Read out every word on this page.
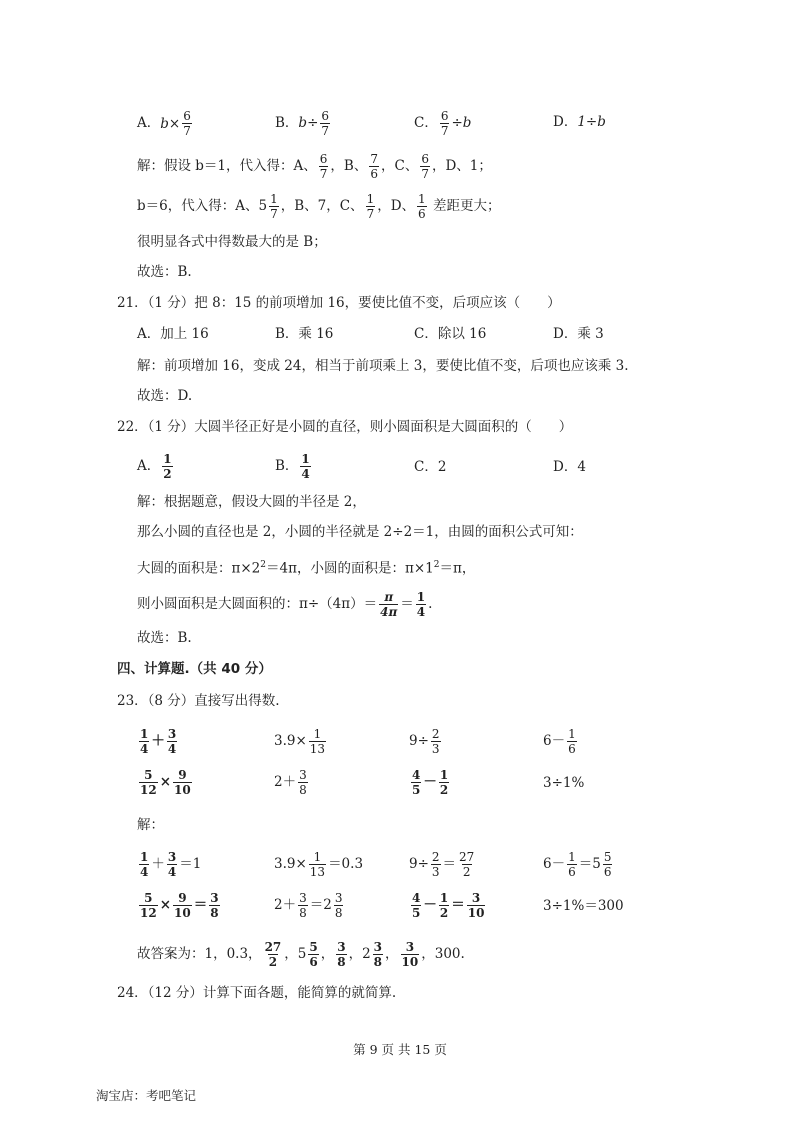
A．$b\times \frac{6}{7}$	B．$b\div \frac{6}{7}$	C． $\frac{6}{7} \div b$	D．1÷b
解：假设 b＝1，代入得：A、 $\frac{6}{7}$ ，B、 $\frac{7}{6}$ ，C、 $\frac{6}{7}$ ，D、1；
b＝6，代入得：A、$5 \frac{1}{7}$ ，B、7，C、 $\frac{1}{7}$ ，D、 $\frac{1}{6}$ 差距更大；
很明显各式中得数最大的是 B；
故选：B.
21．（1 分）把 8：15 的前项增加 16，要使比值不变，后项应该（　　）
A．加上 16	B．乘 16	C．除以 16	D．乘 3
解：前项增加 16，变成 24，相当于前项乘上 3，要使比值不变，后项也应该乘 3.
故选：D.
22．（1 分）大圆半径正好是小圆的直径，则小圆面积是大圆面积的（　　）
A． $\frac{1}{2}$	B． $\frac{1}{4}$	C．2	D．4
解：根据题意，假设大圆的半径是 2，
那么小圆的直径也是 2，小圆的半径就是 2÷2＝1，由圆的面积公式可知：
大圆的面积是：$\pi\times 2^2=4\pi$，小圆的面积是：$\pi\times 1^2=\pi$，
则小圆面积是大圆面积的：$\pi\div(4\pi)= \frac{\pi}{4\pi} = \frac{1}{4}$ .
故选：B.
四、计算题.（共 40 分）
23．（8 分）直接写出得数.
$\frac{1}{4} + \frac{3}{4}$	$3.9\times \frac{1}{13}$	$9\div \frac{2}{3}$	$6- \frac{1}{6}$
$\frac{5}{12} \times \frac{9}{10}$	$2+ \frac{3}{8}$	$\frac{4}{5} - \frac{1}{2}$	3÷1%
解：
$\frac{1}{4} + \frac{3}{4} =1$	$3.9\times \frac{1}{13} =0.3$	$9\div \frac{2}{3} = \frac{27}{2}$	$6- \frac{1}{6} =5 \frac{5}{6}$
$\frac{5}{12} \times \frac{9}{10} = \frac{3}{8}$	$2+ \frac{3}{8} =2 \frac{3}{8}$	$\frac{4}{5} - \frac{1}{2} = \frac{3}{10}$	3÷1%＝300
故答案为：1，0.3， $\frac{27}{2}$ ，$5 \frac{5}{6}$ ， $\frac{3}{8}$ ，$2 \frac{3}{8}$ ， $\frac{3}{10}$ ，300.
24．（12 分）计算下面各题，能简算的就简算.
第 9 页 共 15 页
淘宝店：考吧笔记
